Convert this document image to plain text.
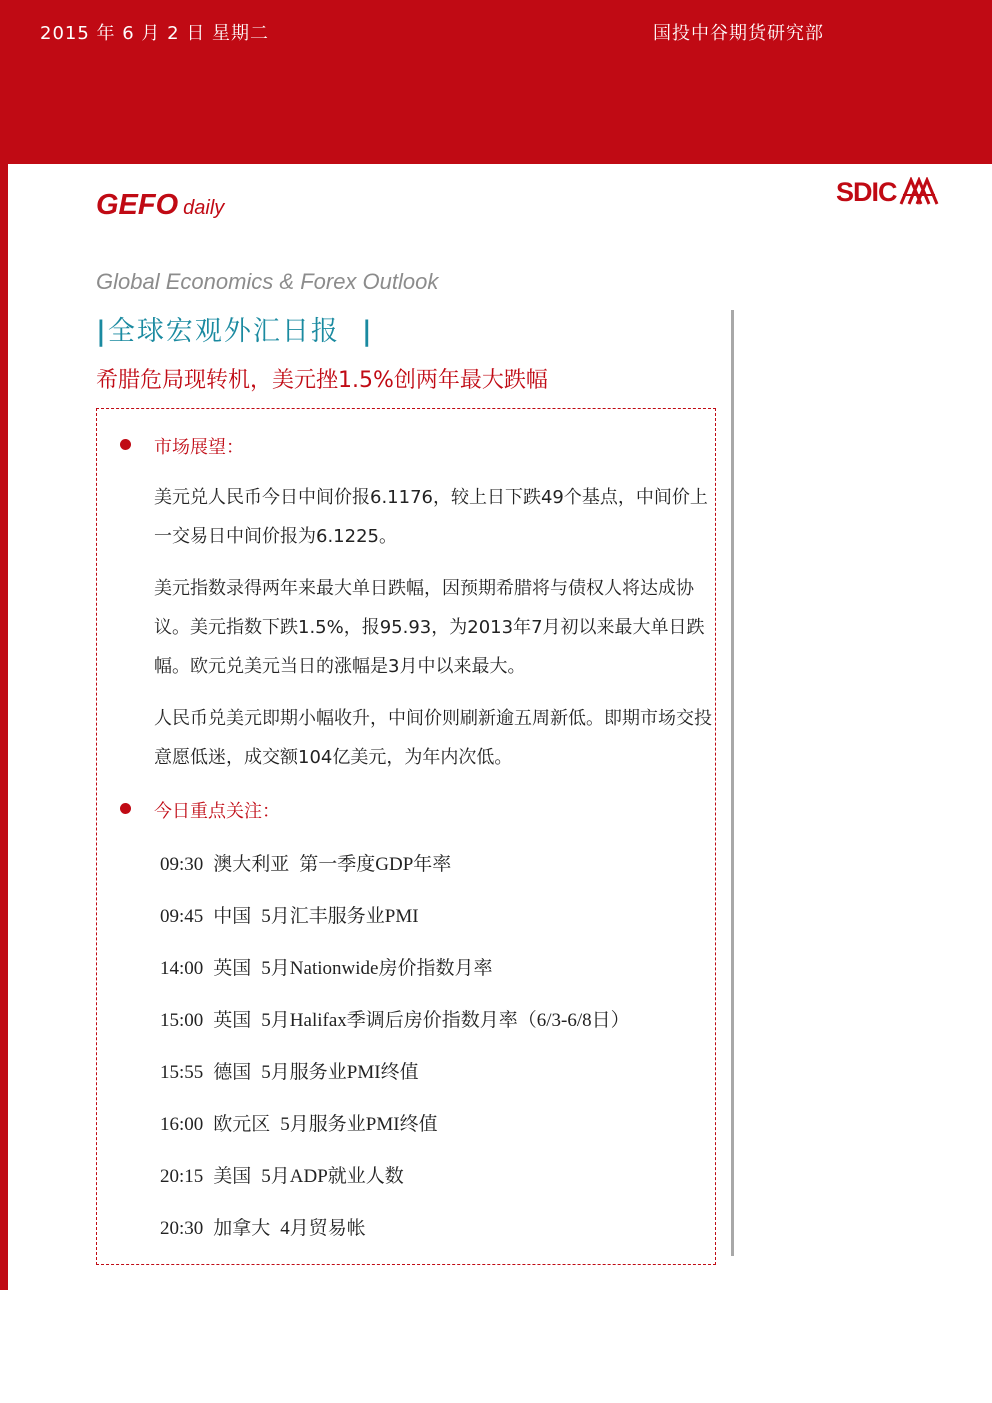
2015 年 6 月 2 日 星期二	国投中谷期货研究部
GEFO daily
SDIC
Global Economics & Forex Outlook
|全球宏观外汇日报 |
希腊危局现转机，美元挫1.5%创两年最大跌幅
市场展望：
美元兑人民币今日中间价报6.1176，较上日下跌49个基点，中间价上一交易日中间价报为6.1225。
美元指数录得两年来最大单日跌幅，因预期希腊将与债权人将达成协议。美元指数下跌1.5%，报95.93，为2013年7月初以来最大单日跌幅。欧元兑美元当日的涨幅是3月中以来最大。
人民币兑美元即期小幅收升，中间价则刷新逾五周新低。即期市场交投意愿低迷，成交额104亿美元，为年内次低。
今日重点关注：
09:30 澳大利亚 第一季度GDP年率
09:45 中国 5月汇丰服务业PMI
14:00 英国 5月Nationwide房价指数月率
15:00 英国 5月Halifax季调后房价指数月率（6/3-6/8日）
15:55 德国 5月服务业PMI终值
16:00 欧元区 5月服务业PMI终值
20:15 美国 5月ADP就业人数
20:30 加拿大 4月贸易帐
